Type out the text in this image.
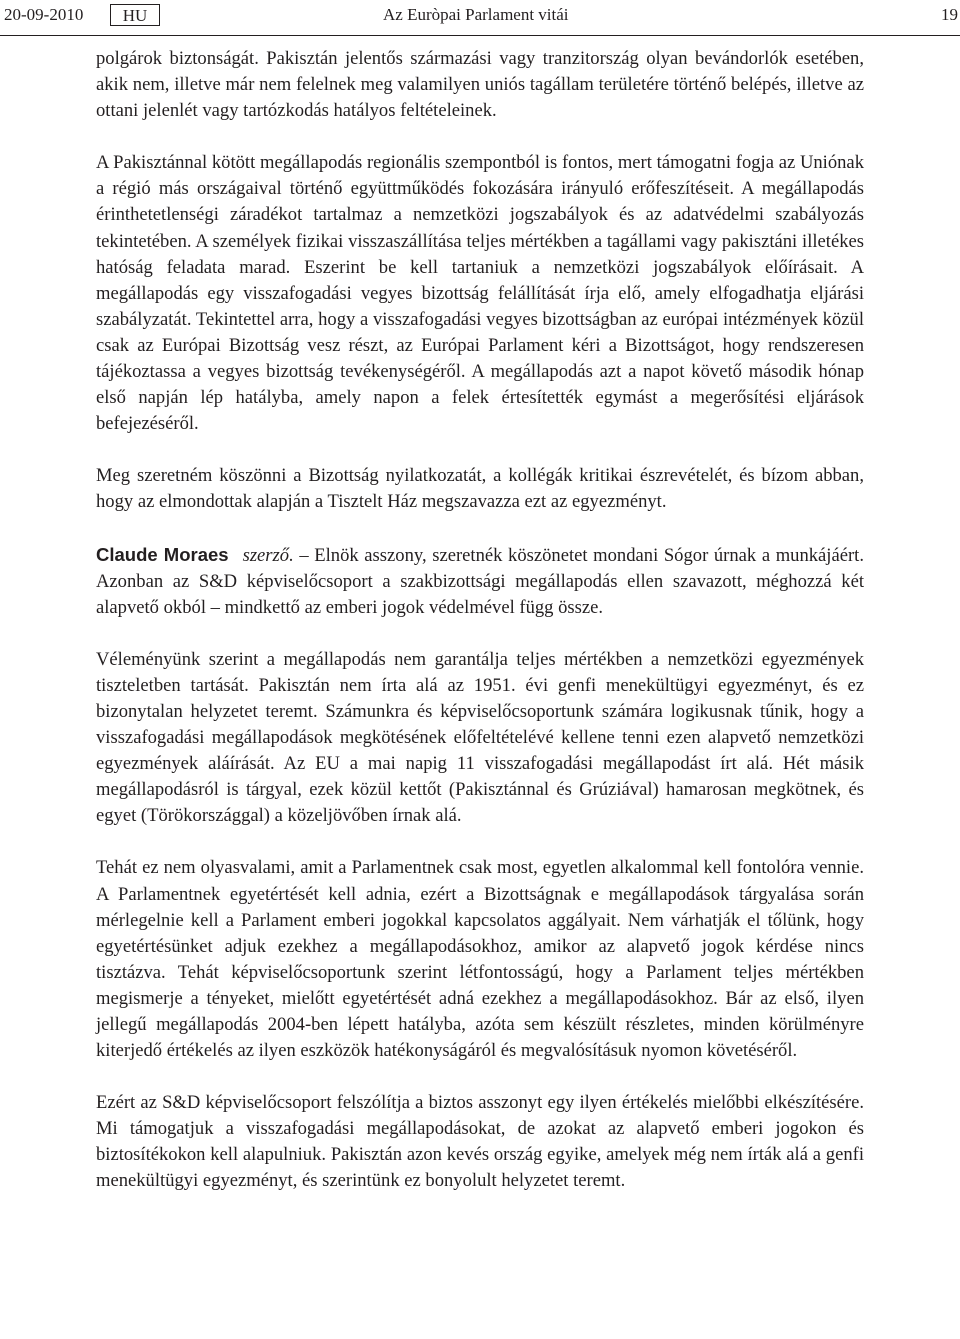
20-09-2010	HU	Az Euròpai Parlament vitái	19

polgárok biztonságát. Pakisztán jelentős származási vagy tranzitország olyan bevándorlók esetében, akik nem, illetve már nem felelnek meg valamilyen uniós tagállam területére történő belépés, illetve az ottani jelenlét vagy tartózkodás hatályos feltételeinek.

A Pakisztánnal kötött megállapodás regionális szempontból is fontos, mert támogatni fogja az Uniónak a régió más országaival történő együttműködés fokozására irányuló erőfeszítéseit. A megállapodás érinthetetlenségi záradékot tartalmaz a nemzetközi jogszabályok és az adatvédelmi szabályozás tekintetében. A személyek fizikai visszaszállítása teljes mértékben a tagállami vagy pakisztáni illetékes hatóság feladata marad. Eszerint be kell tartaniuk a nemzetközi jogszabályok előírásait. A megállapodás egy visszafogadási vegyes bizottság felállítását írja elő, amely elfogadhatja eljárási szabályzatát. Tekintettel arra, hogy a visszafogadási vegyes bizottságban az európai intézmények közül csak az Európai Bizottság vesz részt, az Európai Parlament kéri a Bizottságot, hogy rendszeresen tájékoztassa a vegyes bizottság tevékenységéről. A megállapodás azt a napot követő második hónap első napján lép hatályba, amely napon a felek értesítették egymást a megerősítési eljárások befejezéséről.

Meg szeretném köszönni a Bizottság nyilatkozatát, a kollégák kritikai észrevételét, és bízom abban, hogy az elmondottak alapján a Tisztelt Ház megszavazza ezt az egyezményt.

Claude Moraes szerző. – Elnök asszony, szeretnék köszönetet mondani Sógor úrnak a munkájáért. Azonban az S&D képviselőcsoport a szakbizottsági megállapodás ellen szavazott, méghozzá két alapvető okból – mindkettő az emberi jogok védelmével függ össze.

Véleményünk szerint a megállapodás nem garantálja teljes mértékben a nemzetközi egyezmények tiszteletben tartását. Pakisztán nem írta alá az 1951. évi genfi menekültügyi egyezményt, és ez bizonytalan helyzetet teremt. Számunkra és képviselőcsoportunk számára logikusnak tűnik, hogy a visszafogadási megállapodások megkötésének előfeltételévé kellene tenni ezen alapvető nemzetközi egyezmények aláírását. Az EU a mai napig 11 visszafogadási megállapodást írt alá. Hét másik megállapodásról is tárgyal, ezek közül kettőt (Pakisztánnal és Grúziával) hamarosan megkötnek, és egyet (Törökországgal) a közeljövőben írnak alá.

Tehát ez nem olyasvalami, amit a Parlamentnek csak most, egyetlen alkalommal kell fontolóra vennie. A Parlamentnek egyetértését kell adnia, ezért a Bizottságnak e megállapodások tárgyalása során mérlegelnie kell a Parlament emberi jogokkal kapcsolatos aggályait. Nem várhatják el tőlünk, hogy egyetértésünket adjuk ezekhez a megállapodásokhoz, amikor az alapvető jogok kérdése nincs tisztázva. Tehát képviselőcsoportunk szerint létfontosságú, hogy a Parlament teljes mértékben megismerje a tényeket, mielőtt egyetértését adná ezekhez a megállapodásokhoz. Bár az első, ilyen jellegű megállapodás 2004-ben lépett hatályba, azóta sem készült részletes, minden körülményre kiterjedő értékelés az ilyen eszközök hatékonyságáról és megvalósításuk nyomon követéséről.

Ezért az S&D képviselőcsoport felszólítja a biztos asszonyt egy ilyen értékelés mielőbbi elkészítésére. Mi támogatjuk a visszafogadási megállapodásokat, de azokat az alapvető emberi jogokon és biztosítékokon kell alapulniuk. Pakisztán azon kevés ország egyike, amelyek még nem írták alá a genfi menekültügyi egyezményt, és szerintünk ez bonyolult helyzetet teremt.
